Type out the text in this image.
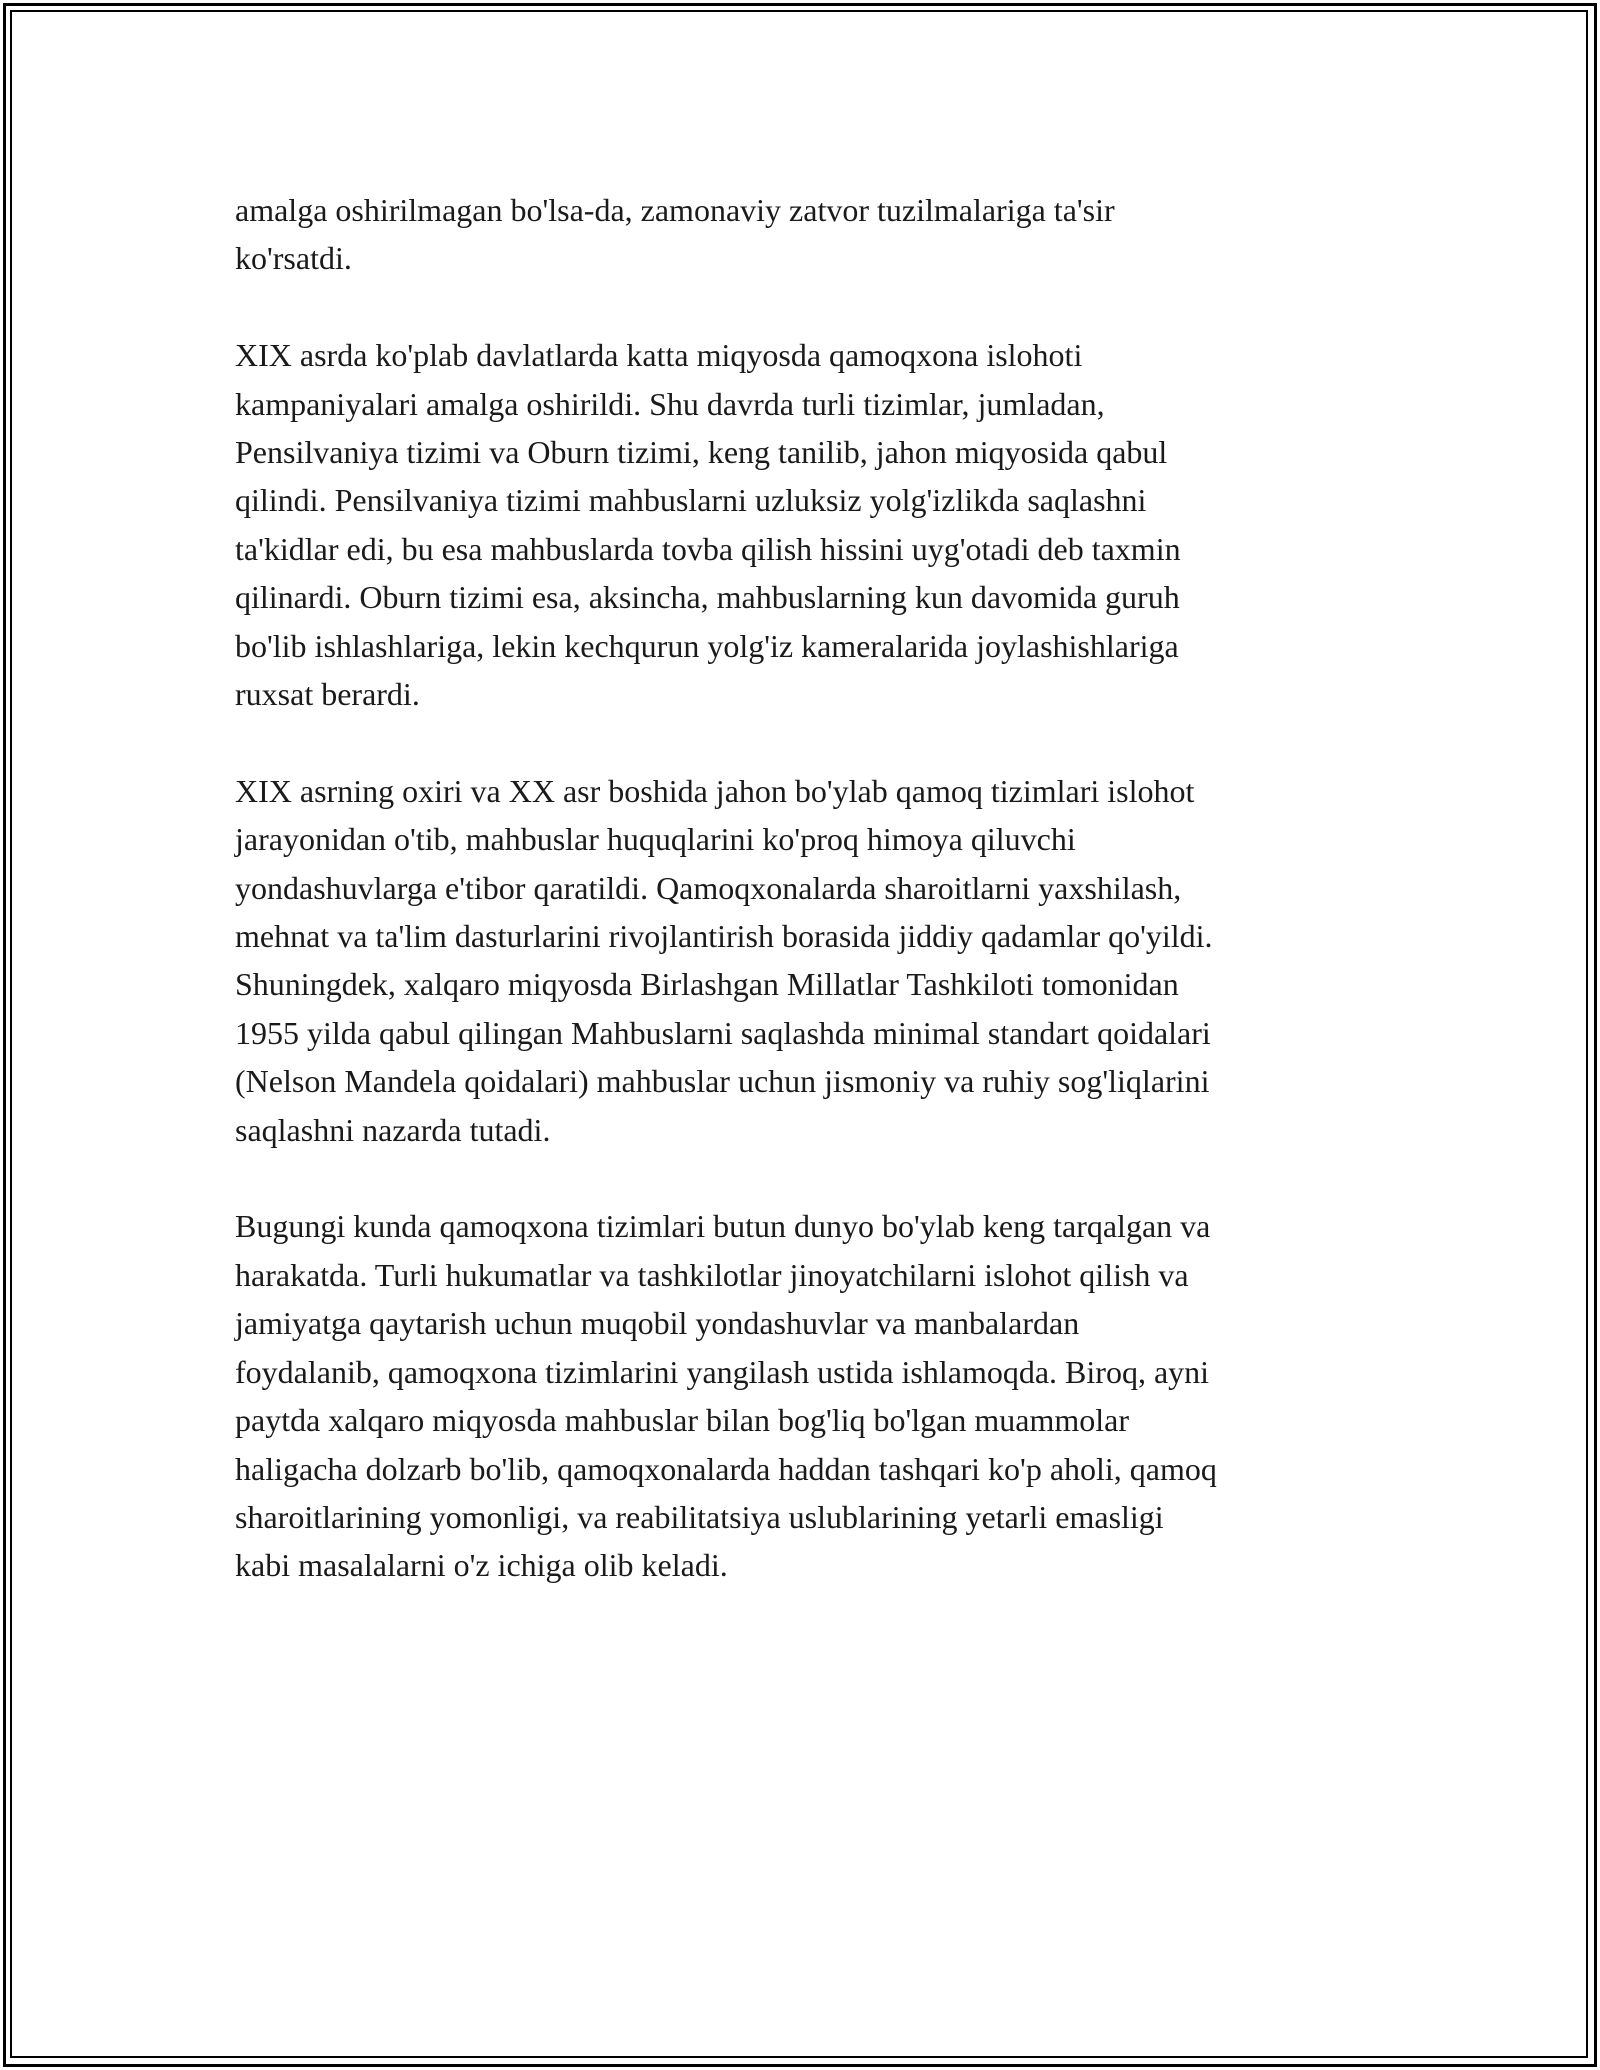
amalga oshirilmagan bo'lsa-da, zamonaviy zatvor tuzilmalariga ta'sir
ko'rsatdi.

XIX asrda ko'plab davlatlarda katta miqyosda qamoqxona islohoti
kampaniyalari amalga oshirildi. Shu davrda turli tizimlar, jumladan,
Pensilvaniya tizimi va Oburn tizimi, keng tanilib, jahon miqyosida qabul
qilindi. Pensilvaniya tizimi mahbuslarni uzluksiz yolg'izlikda saqlashni
ta'kidlar edi, bu esa mahbuslarda tovba qilish hissini uyg'otadi deb taxmin
qilinardi. Oburn tizimi esa, aksincha, mahbuslarning kun davomida guruh
bo'lib ishlashlariga, lekin kechqurun yolg'iz kameralarida joylashishlariga
ruxsat berardi.

XIX asrning oxiri va XX asr boshida jahon bo'ylab qamoq tizimlari islohot
jarayonidan o'tib, mahbuslar huquqlarini ko'proq himoya qiluvchi
yondashuvlarga e'tibor qaratildi. Qamoqxonalarda sharoitlarni yaxshilash,
mehnat va ta'lim dasturlarini rivojlantirish borasida jiddiy qadamlar qo'yildi.
Shuningdek, xalqaro miqyosda Birlashgan Millatlar Tashkiloti tomonidan
1955 yilda qabul qilingan Mahbuslarni saqlashda minimal standart qoidalari
(Nelson Mandela qoidalari) mahbuslar uchun jismoniy va ruhiy sog'liqlarini
saqlashni nazarda tutadi.

Bugungi kunda qamoqxona tizimlari butun dunyo bo'ylab keng tarqalgan va
harakatda. Turli hukumatlar va tashkilotlar jinoyatchilarni islohot qilish va
jamiyatga qaytarish uchun muqobil yondashuvlar va manbalardan
foydalanib, qamoqxona tizimlarini yangilash ustida ishlamoqda. Biroq, ayni
paytda xalqaro miqyosda mahbuslar bilan bog'liq bo'lgan muammolar
haligacha dolzarb bo'lib, qamoqxonalarda haddan tashqari ko'p aholi, qamoq
sharoitlarining yomonligi, va reabilitatsiya uslublarining yetarli emasligi
kabi masalalarni o'z ichiga olib keladi.
